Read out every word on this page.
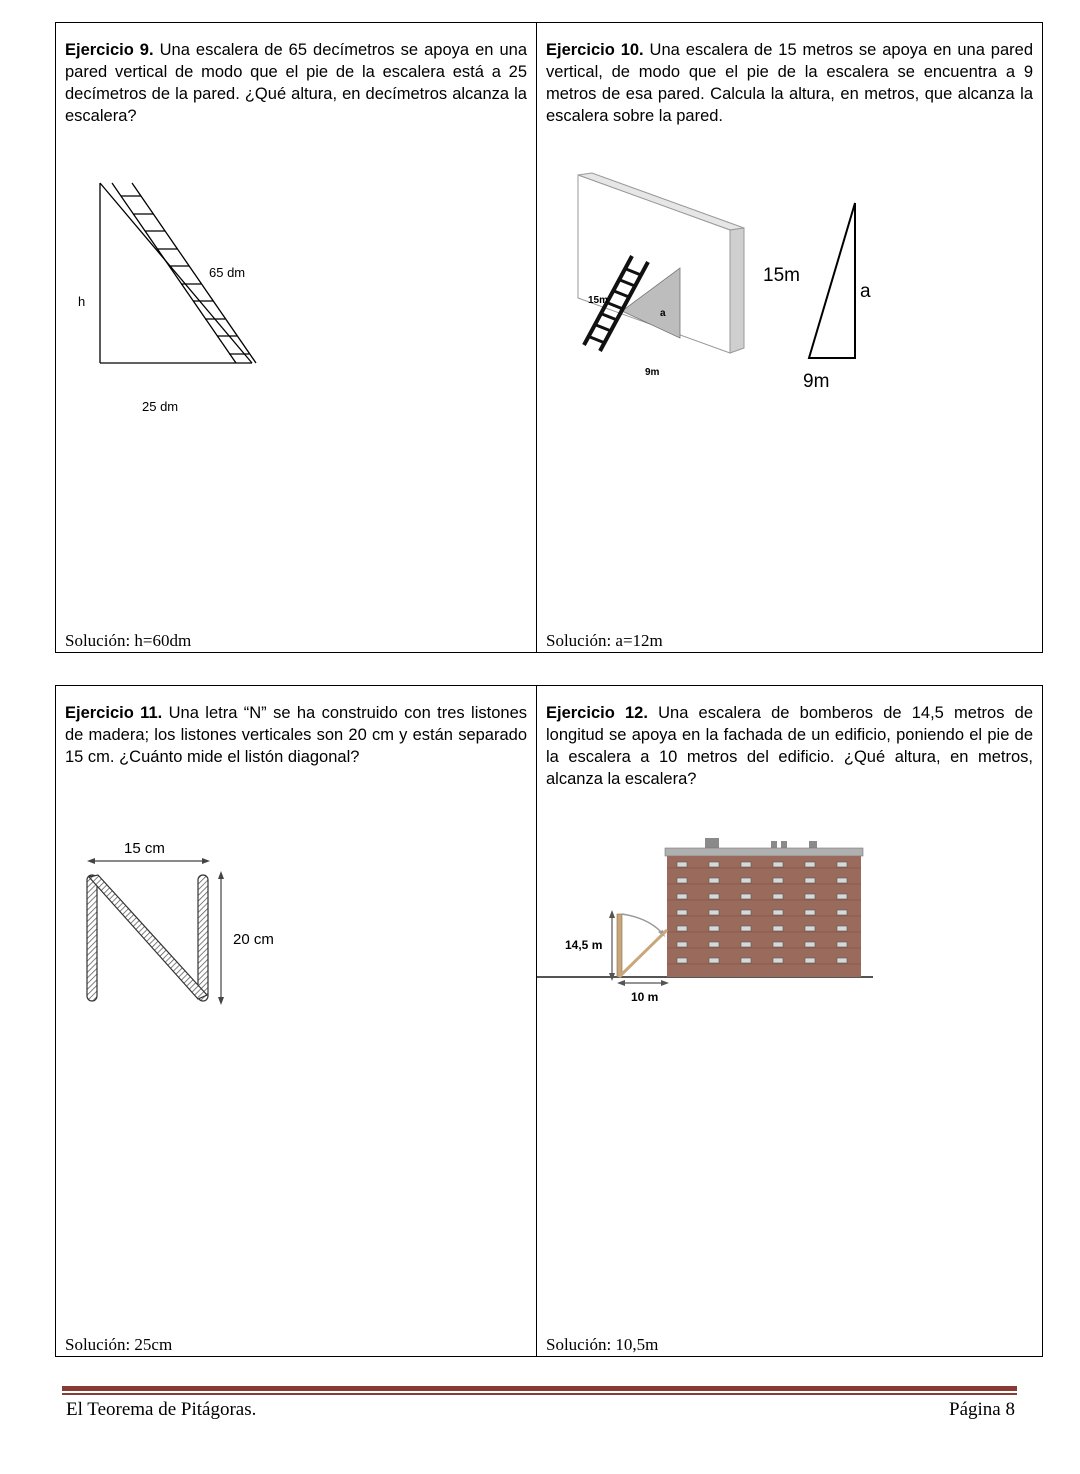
Ejercicio 9. Una escalera de 65 decímetros se apoya en una pared vertical de modo que el pie de la escalera está a 25 decímetros de la pared. ¿Qué altura, en decímetros alcanza la escalera?
65 dm
h
25 dm
Solución: h=60dm
Ejercicio 10. Una escalera de 15 metros se apoya en una pared vertical, de modo que el pie de la escalera se encuentra a 9 metros de esa pared. Calcula la altura, en metros, que alcanza la escalera sobre la pared.
15m
a
9m
15m
a
9m
Solución: a=12m
Ejercicio 11. Una letra “N” se ha construido con tres listones de madera; los listones verticales son 20 cm y están separado 15 cm. ¿Cuánto mide el listón diagonal?
15 cm
20 cm
Solución: 25cm
Ejercicio 12. Una escalera de bomberos de 14,5 metros de longitud se apoya en la fachada de un edificio, poniendo el pie de la escalera a 10 metros del edificio. ¿Qué altura, en metros, alcanza la escalera?
14,5 m
10 m
Solución: 10,5m
El Teorema de Pitágoras.	Página 8
